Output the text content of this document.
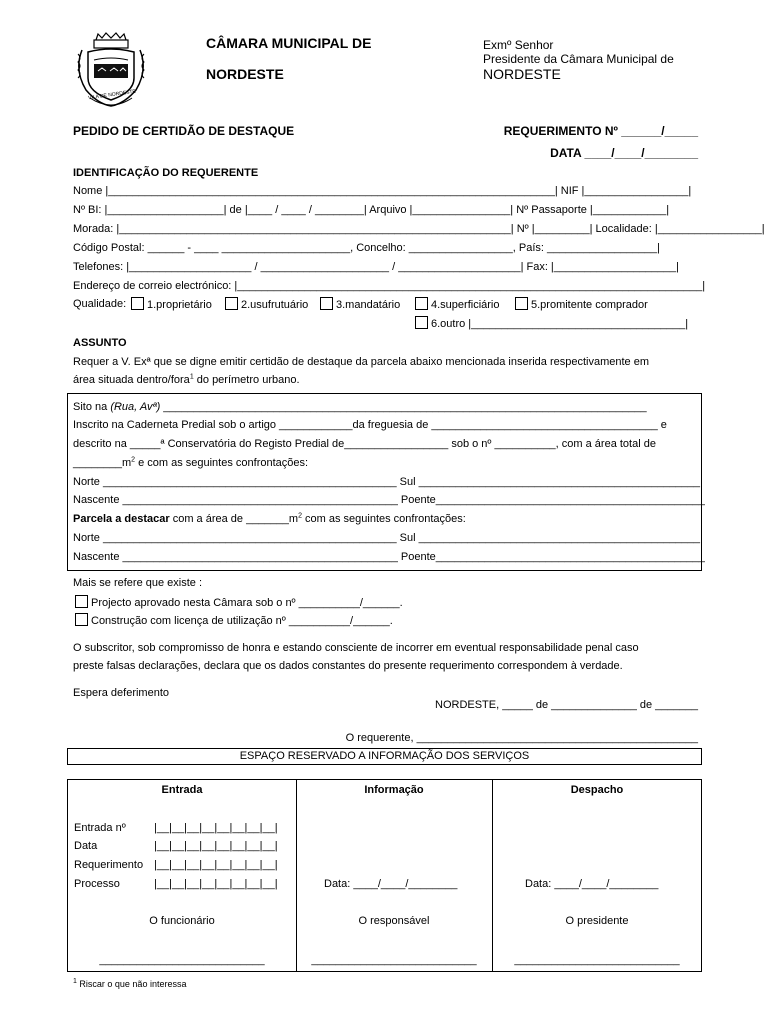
VILA DE NORDESTE
CÂMARA MUNICIPAL DE
NORDESTE
Exmº Senhor
Presidente da Câmara Municipal de
NORDESTE
PEDIDO DE CERTIDÃO DE DESTAQUE	REQUERIMENTO Nº ______/_____
DATA ____/____/________
IDENTIFICAÇÃO DO REQUERENTE
Nome |_________________________________________________________________________| NIF |_________________|
Nº BI: |___________________| de |____ / ____ / ________| Arquivo |________________| Nº Passaporte |____________|
Morada: |________________________________________________________________| Nº |_________| Localidade: |_________________|
Código Postal: ______ - ____ _____________________, Concelho: _________________, País: __________________|
Telefones: |____________________ / _____________________ / ____________________| Fax: |____________________|
Endereço de correio electrónico: |____________________________________________________________________________|
Qualidade:	1.proprietário	2.usufrutuário	3.mandatário	4.superficiário	5.promitente comprador
6.outro |___________________________________|
ASSUNTO
Requer a V. Exª que se digne emitir certidão de destaque da parcela abaixo mencionada inserida respectivamente em
área situada dentro/fora$^1$ do perímetro urbano.
Sito na (Rua, Avª) _______________________________________________________________________________
Inscrito na Caderneta Predial sob o artigo ____________da freguesia de _____________________________________ e
descrito na _____ª Conservatória do Registo Predial de_________________ sob o nº __________, com a área total de
$\_\_\_\_\_\_\_\_m^2$ e com as seguintes confrontações:
Norte ________________________________________________ Sul ______________________________________________
Nascente _____________________________________________ Poente____________________________________________
Parcela a destacar com a área de $\_\_\_\_\_\_\_m^2$ com as seguintes confrontações:
Norte ________________________________________________ Sul ______________________________________________
Nascente _____________________________________________ Poente____________________________________________
Mais se refere que existe :
Projecto aprovado nesta Câmara sob o nº __________/______.
Construção com licença de utilização nº __________/______.
O subscritor, sob compromisso de honra e estando consciente de incorrer em eventual responsabilidade penal caso
preste falsas declarações, declara que os dados constantes do presente requerimento correspondem à verdade.
Espera deferimento
NORDESTE, _____ de ______________ de _______
O requerente, ______________________________________________
ESPAÇO RESERVADO A INFORMAÇÃO DOS SERVIÇOS
Entrada	Informação	Despacho
Entrada nº	|__|__|__|__|__|__|__|__|
Data	|__|__|__|__|__|__|__|__|
Requerimento |__|__|__|__|__|__|__|__|
Processo	|__|__|__|__|__|__|__|__|	Data: ____/____/________	Data: ____/____/________
O funcionário	O responsável	O presidente
___________________________	___________________________	___________________________
$^1$ Riscar o que não interessa
